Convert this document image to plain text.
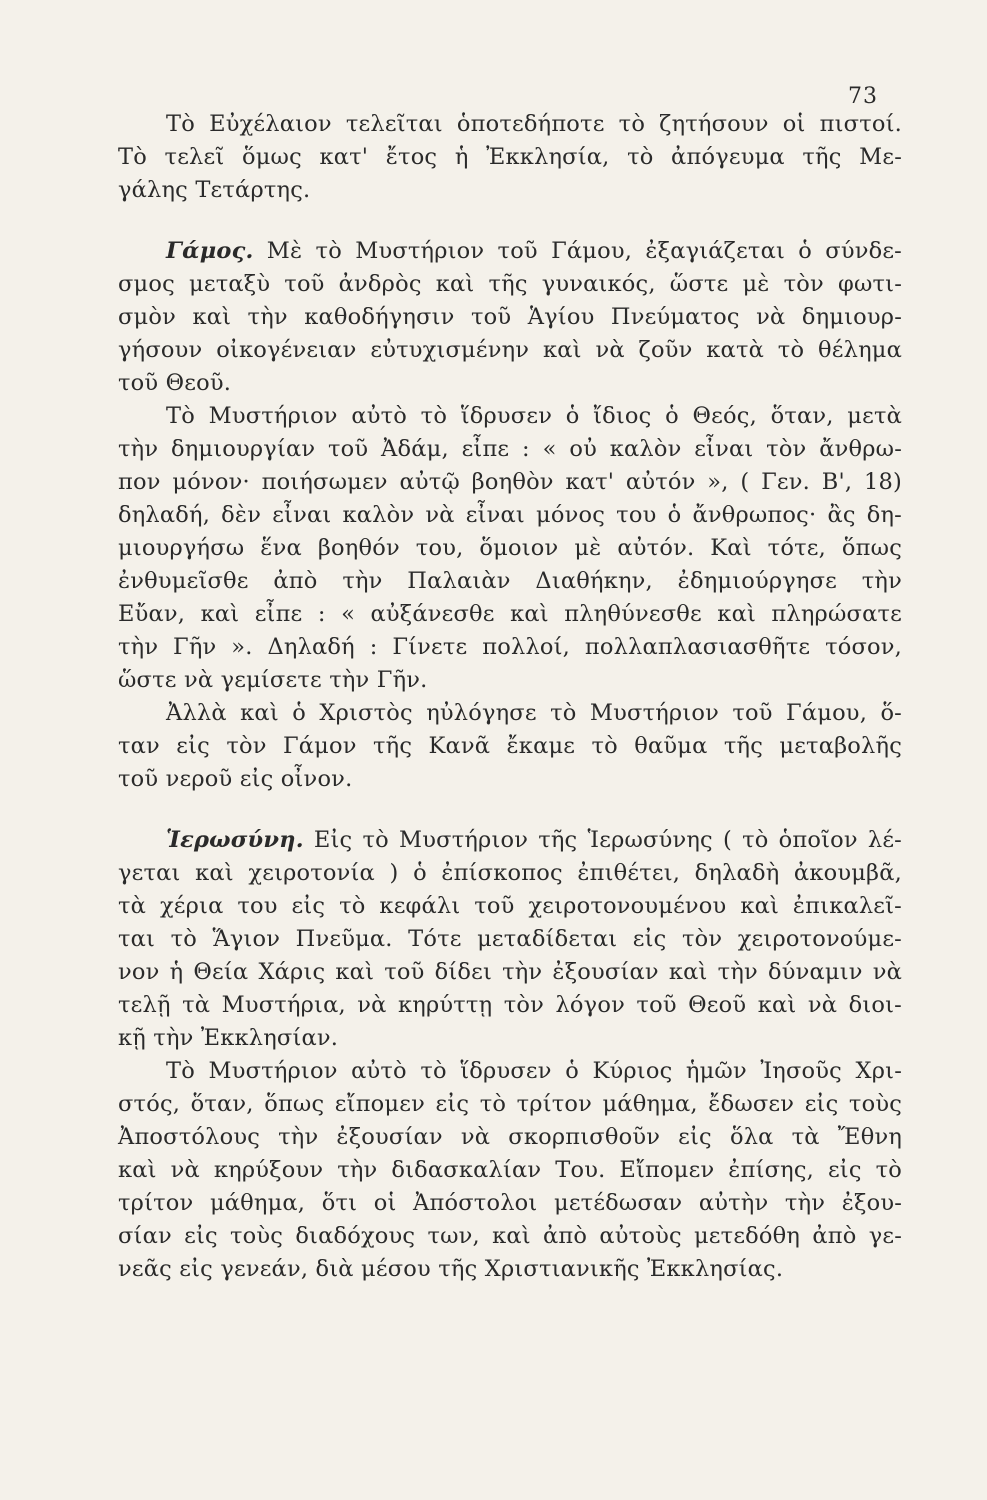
73
Τὸ Εὐχέλαιον τελεῖται ὁποτεδήποτε τὸ ζητήσουν οἱ πιστοί.
Τὸ τελεῖ ὅμως κατ' ἔτος ἡ Ἐκκλησία, τὸ ἀπόγευμα τῆς Με-
γάλης Τετάρτης.
Γάμος. Μὲ τὸ Μυστήριον τοῦ Γάμου, ἐξαγιάζεται ὁ σύνδε-
σμος μεταξὺ τοῦ ἀνδρὸς καὶ τῆς γυναικός, ὥστε μὲ τὸν φωτι-
σμὸν καὶ τὴν καθοδήγησιν τοῦ Ἁγίου Πνεύματος νὰ δημιουρ-
γήσουν οἰκογένειαν εὐτυχισμένην καὶ νὰ ζοῦν κατὰ τὸ θέλημα
τοῦ Θεοῦ.
Τὸ Μυστήριον αὐτὸ τὸ ἵδρυσεν ὁ ἴδιος ὁ Θεός, ὅταν, μετὰ
τὴν δημιουργίαν τοῦ Ἀδάμ, εἶπε : « οὐ καλὸν εἶναι τὸν ἄνθρω-
πον μόνον· ποιήσωμεν αὐτῷ βοηθὸν κατ' αὐτόν », ( Γεν. Β', 18)
δηλαδή, δὲν εἶναι καλὸν νὰ εἶναι μόνος του ὁ ἄνθρωπος· ἂς δη-
μιουργήσω ἕνα βοηθόν του, ὅμοιον μὲ αὐτόν. Καὶ τότε, ὅπως
ἐνθυμεῖσθε ἀπὸ τὴν Παλαιὰν Διαθήκην, ἐδημιούργησε τὴν
Εὔαν, καὶ εἶπε : « αὐξάνεσθε καὶ πληθύνεσθε καὶ πληρώσατε
τὴν Γῆν ». Δηλαδή : Γίνετε πολλοί, πολλαπλασιασθῆτε τόσον,
ὥστε νὰ γεμίσετε τὴν Γῆν.
Ἀλλὰ καὶ ὁ Χριστὸς ηὐλόγησε τὸ Μυστήριον τοῦ Γάμου, ὅ-
ταν εἰς τὸν Γάμον τῆς Κανᾶ ἔκαμε τὸ θαῦμα τῆς μεταβολῆς
τοῦ νεροῦ εἰς οἶνον.
Ἱερωσύνη. Εἰς τὸ Μυστήριον τῆς Ἱερωσύνης ( τὸ ὁποῖον λέ-
γεται καὶ χειροτονία ) ὁ ἐπίσκοπος ἐπιθέτει, δηλαδὴ ἀκουμβᾶ,
τὰ χέρια του εἰς τὸ κεφάλι τοῦ χειροτονουμένου καὶ ἐπικαλεῖ-
ται τὸ Ἅγιον Πνεῦμα. Τότε μεταδίδεται εἰς τὸν χειροτονούμε-
νον ἡ Θεία Χάρις καὶ τοῦ δίδει τὴν ἐξουσίαν καὶ τὴν δύναμιν νὰ
τελῇ τὰ Μυστήρια, νὰ κηρύττῃ τὸν λόγον τοῦ Θεοῦ καὶ νὰ διοι-
κῇ τὴν Ἐκκλησίαν.
Τὸ Μυστήριον αὐτὸ τὸ ἵδρυσεν ὁ Κύριος ἡμῶν Ἰησοῦς Χρι-
στός, ὅταν, ὅπως εἴπομεν εἰς τὸ τρίτον μάθημα, ἔδωσεν εἰς τοὺς
Ἀποστόλους τὴν ἐξουσίαν νὰ σκορπισθοῦν εἰς ὅλα τὰ Ἔθνη
καὶ νὰ κηρύξουν τὴν διδασκαλίαν Του. Εἴπομεν ἐπίσης, εἰς τὸ
τρίτον μάθημα, ὅτι οἱ Ἀπόστολοι μετέδωσαν αὐτὴν τὴν ἐξου-
σίαν εἰς τοὺς διαδόχους των, καὶ ἀπὸ αὐτοὺς μετεδόθη ἀπὸ γε-
νεᾶς εἰς γενεάν, διὰ μέσου τῆς Χριστιανικῆς Ἐκκλησίας.
